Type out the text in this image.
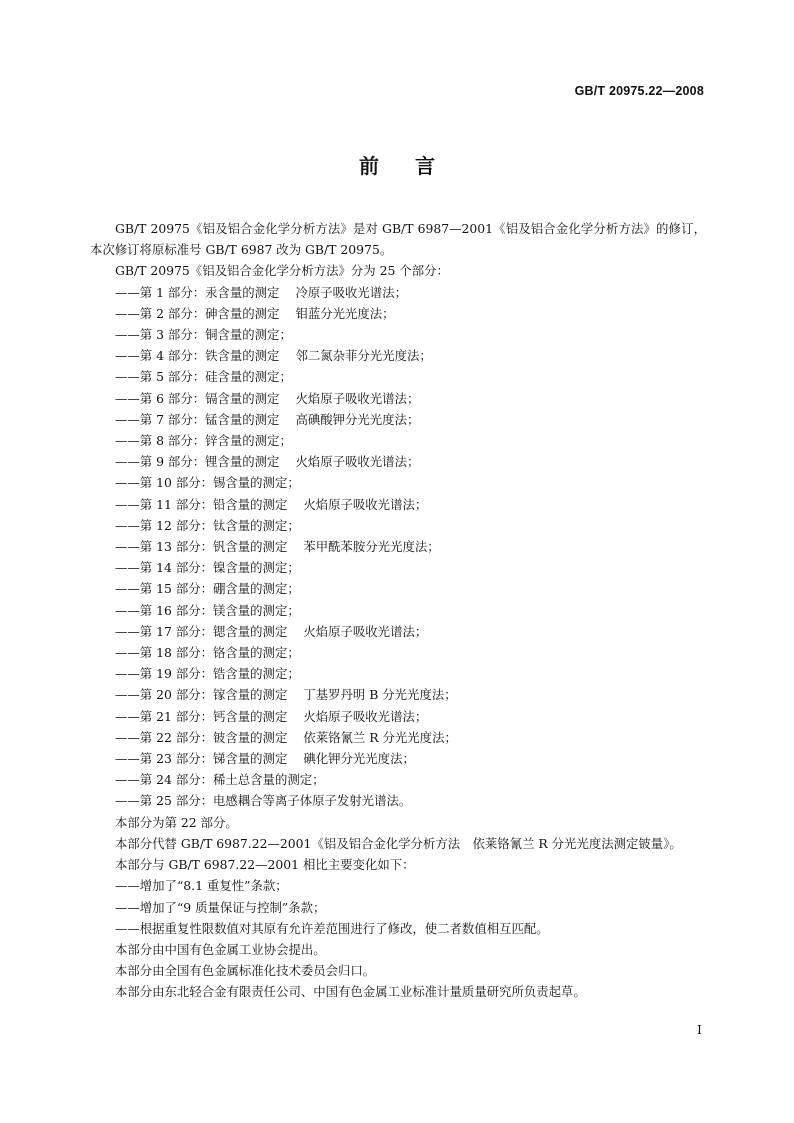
GB/T 20975.22—2008
前言

GB/T 20975《铝及铝合金化学分析方法》是对 GB/T 6987—2001《铝及铝合金化学分析方法》的修订，本次修订将原标准号 GB/T 6987 改为 GB/T 20975。

GB/T 20975《铝及铝合金化学分析方法》分为 25 个部分：

——第 1 部分：汞含量的测定 冷原子吸收光谱法；

——第 2 部分：砷含量的测定 钼蓝分光光度法；

——第 3 部分：铜含量的测定；

——第 4 部分：铁含量的测定 邻二氮杂菲分光光度法；

——第 5 部分：硅含量的测定；

——第 6 部分：镉含量的测定 火焰原子吸收光谱法；

——第 7 部分：锰含量的测定 高碘酸钾分光光度法；

——第 8 部分：锌含量的测定；

——第 9 部分：锂含量的测定 火焰原子吸收光谱法；

——第 10 部分：锡含量的测定；

——第 11 部分：铅含量的测定 火焰原子吸收光谱法；

——第 12 部分：钛含量的测定；

——第 13 部分：钒含量的测定 苯甲酰苯胺分光光度法；

——第 14 部分：镍含量的测定；

——第 15 部分：硼含量的测定；

——第 16 部分：镁含量的测定；

——第 17 部分：锶含量的测定 火焰原子吸收光谱法；

——第 18 部分：铬含量的测定；

——第 19 部分：锆含量的测定；

——第 20 部分：镓含量的测定 丁基罗丹明 B 分光光度法；

——第 21 部分：钙含量的测定 火焰原子吸收光谱法；

——第 22 部分：铍含量的测定 依莱铬氰兰 R 分光光度法；

——第 23 部分：锑含量的测定 碘化钾分光光度法；

——第 24 部分：稀土总含量的测定；

——第 25 部分：电感耦合等离子体原子发射光谱法。

本部分为第 22 部分。

本部分代替 GB/T 6987.22—2001《铝及铝合金化学分析方法　依莱铬氰兰 R 分光光度法测定铍量》。

本部分与 GB/T 6987.22—2001 相比主要变化如下：

——增加了“8.1 重复性”条款；

——增加了“9 质量保证与控制”条款；

——根据重复性限数值对其原有允许差范围进行了修改，使二者数值相互匹配。

本部分由中国有色金属工业协会提出。

本部分由全国有色金属标准化技术委员会归口。

本部分由东北轻合金有限责任公司、中国有色金属工业标准计量质量研究所负责起草。

I
